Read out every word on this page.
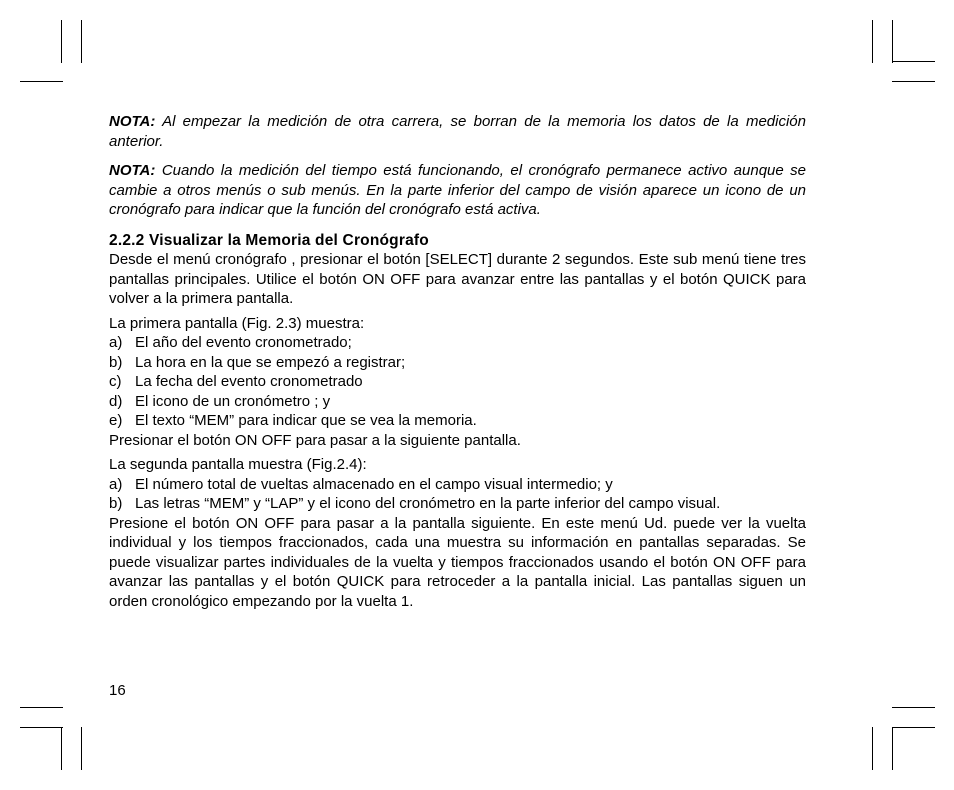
NOTA: Al empezar la medición de otra carrera, se borran de la memoria los datos de la medición anterior.

NOTA: Cuando la medición del tiempo está funcionando, el cronógrafo permanece activo aunque se cambie a otros menús o sub menús. En la parte inferior del campo de visión aparece un icono de un cronógrafo para indicar que la función del cronógrafo está activa.

2.2.2 Visualizar la Memoria del Cronógrafo

Desde el menú cronógrafo , presionar el botón [SELECT] durante 2 segundos. Este sub menú tiene tres pantallas principales. Utilice el botón ON OFF para avanzar entre las pantallas y el botón QUICK para volver a la primera pantalla.

La primera pantalla (Fig. 2.3) muestra:

a) El año del evento cronometrado;
b) La hora en la que se empezó a registrar;
c) La fecha del evento cronometrado
d) El icono de un cronómetro ; y
e) El texto “MEM” para indicar que se vea la memoria.

Presionar el botón ON OFF para pasar a la siguiente pantalla.

La segunda pantalla muestra (Fig.2.4):

a) El número total de vueltas almacenado en el campo visual intermedio; y
b) Las letras “MEM” y “LAP” y el icono del cronómetro en la parte inferior del campo visual.

Presione el botón ON OFF para pasar a la pantalla siguiente. En este menú Ud. puede ver la vuelta individual y los tiempos fraccionados, cada una muestra su información en pantallas separadas. Se puede visualizar partes individuales de la vuelta y tiempos fraccionados usando el botón ON OFF para avanzar las pantallas y el botón QUICK para retroceder a la pantalla inicial. Las pantallas siguen un orden cronológico empezando por la vuelta 1.

16
